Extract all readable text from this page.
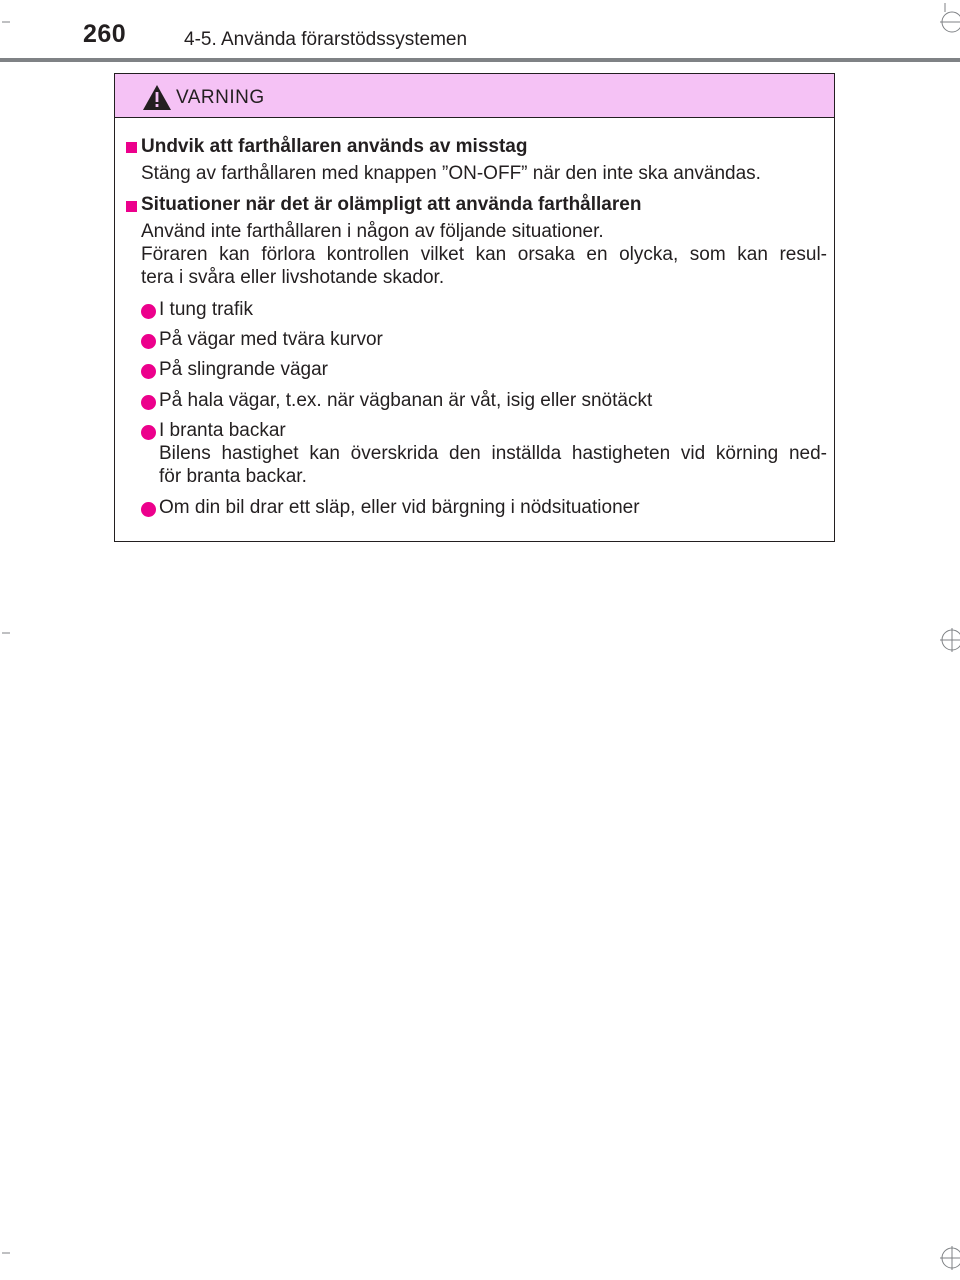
260	4-5. Använda förarstödssystemen
VARNING
Undvik att farthållaren används av misstag
Stäng av farthållaren med knappen ”ON-OFF” när den inte ska användas.
Situationer när det är olämpligt att använda farthållaren
Använd inte farthållaren i någon av följande situationer.
Föraren kan förlora kontrollen vilket kan orsaka en olycka, som kan resul-
tera i svåra eller livshotande skador.
I tung trafik
På vägar med tvära kurvor
På slingrande vägar
På hala vägar, t.ex. när vägbanan är våt, isig eller snötäckt
I branta backar
Bilens hastighet kan överskrida den inställda hastigheten vid körning ned-
för branta backar.
Om din bil drar ett släp, eller vid bärgning i nödsituationer
